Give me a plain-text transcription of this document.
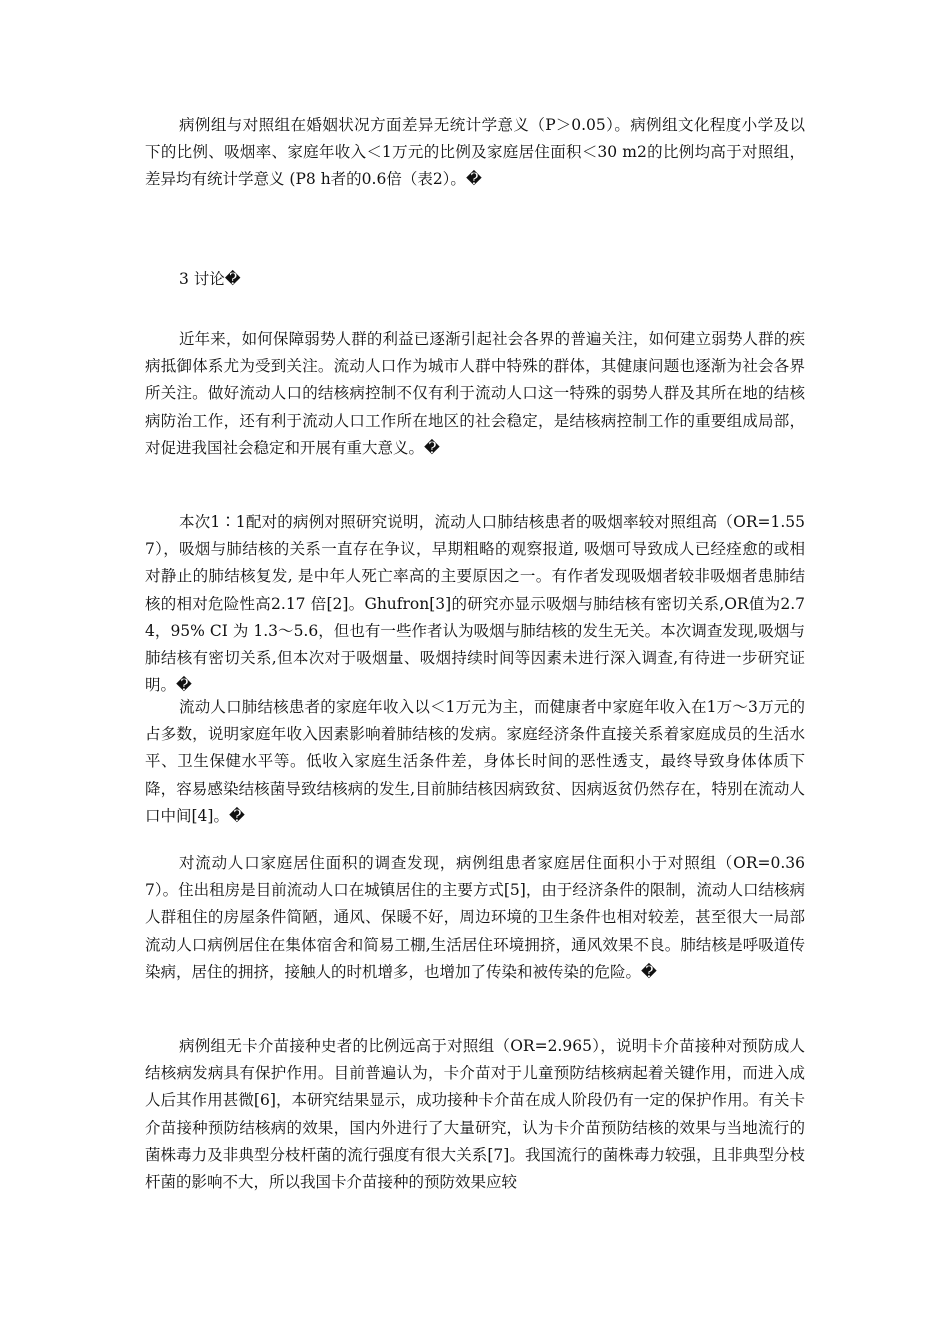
病例组与对照组在婚姻状况方面差异无统计学意义（P＞0.05）。病例组文化程度小学及以下的比例、吸烟率、家庭年收入＜1万元的比例及家庭居住面积＜30 m2的比例均高于对照组，差异均有统计学意义 (P8 h者的0.6倍（表2）。�

3 讨论�

近年来，如何保障弱势人群的利益已逐渐引起社会各界的普遍关注，如何建立弱势人群的疾病抵御体系尤为受到关注。流动人口作为城市人群中特殊的群体，其健康问题也逐渐为社会各界所关注。做好流动人口的结核病控制不仅有利于流动人口这一特殊的弱势人群及其所在地的结核病防治工作，还有利于流动人口工作所在地区的社会稳定，是结核病控制工作的重要组成局部，对促进我国社会稳定和开展有重大意义。�

本次1∶1配对的病例对照研究说明，流动人口肺结核患者的吸烟率较对照组高（OR=1.557），吸烟与肺结核的关系一直存在争议，早期粗略的观察报道, 吸烟可导致成人已经痊愈的或相对静止的肺结核复发, 是中年人死亡率高的主要原因之一。有作者发现吸烟者较非吸烟者患肺结核的相对危险性高2.17 倍[2]。Ghufron[3]的研究亦显示吸烟与肺结核有密切关系,OR值为2.74，95% CI 为 1.3～5.6，但也有一些作者认为吸烟与肺结核的发生无关。本次调查发现,吸烟与肺结核有密切关系,但本次对于吸烟量、吸烟持续时间等因素未进行深入调查,有待进一步研究证明。�

流动人口肺结核患者的家庭年收入以＜1万元为主，而健康者中家庭年收入在1万～3万元的占多数，说明家庭年收入因素影响着肺结核的发病。家庭经济条件直接关系着家庭成员的生活水平、卫生保健水平等。低收入家庭生活条件差，身体长时间的恶性透支，最终导致身体体质下降，容易感染结核菌导致结核病的发生,目前肺结核因病致贫、因病返贫仍然存在，特别在流动人口中间[4]。�

对流动人口家庭居住面积的调查发现，病例组患者家庭居住面积小于对照组（OR=0.367）。住出租房是目前流动人口在城镇居住的主要方式[5]，由于经济条件的限制，流动人口结核病人群租住的房屋条件简陋，通风、保暖不好，周边环境的卫生条件也相对较差，甚至很大一局部流动人口病例居住在集体宿舍和简易工棚,生活居住环境拥挤，通风效果不良。肺结核是呼吸道传染病，居住的拥挤，接触人的时机增多，也增加了传染和被传染的危险。�

病例组无卡介苗接种史者的比例远高于对照组（OR=2.965），说明卡介苗接种对预防成人结核病发病具有保护作用。目前普遍认为，卡介苗对于儿童预防结核病起着关键作用，而进入成人后其作用甚微[6]，本研究结果显示，成功接种卡介苗在成人阶段仍有一定的保护作用。有关卡介苗接种预防结核病的效果，国内外进行了大量研究，认为卡介苗预防结核的效果与当地流行的菌株毒力及非典型分枝杆菌的流行强度有很大关系[7]。我国流行的菌株毒力较强，且非典型分枝杆菌的影响不大，所以我国卡介苗接种的预防效果应较
